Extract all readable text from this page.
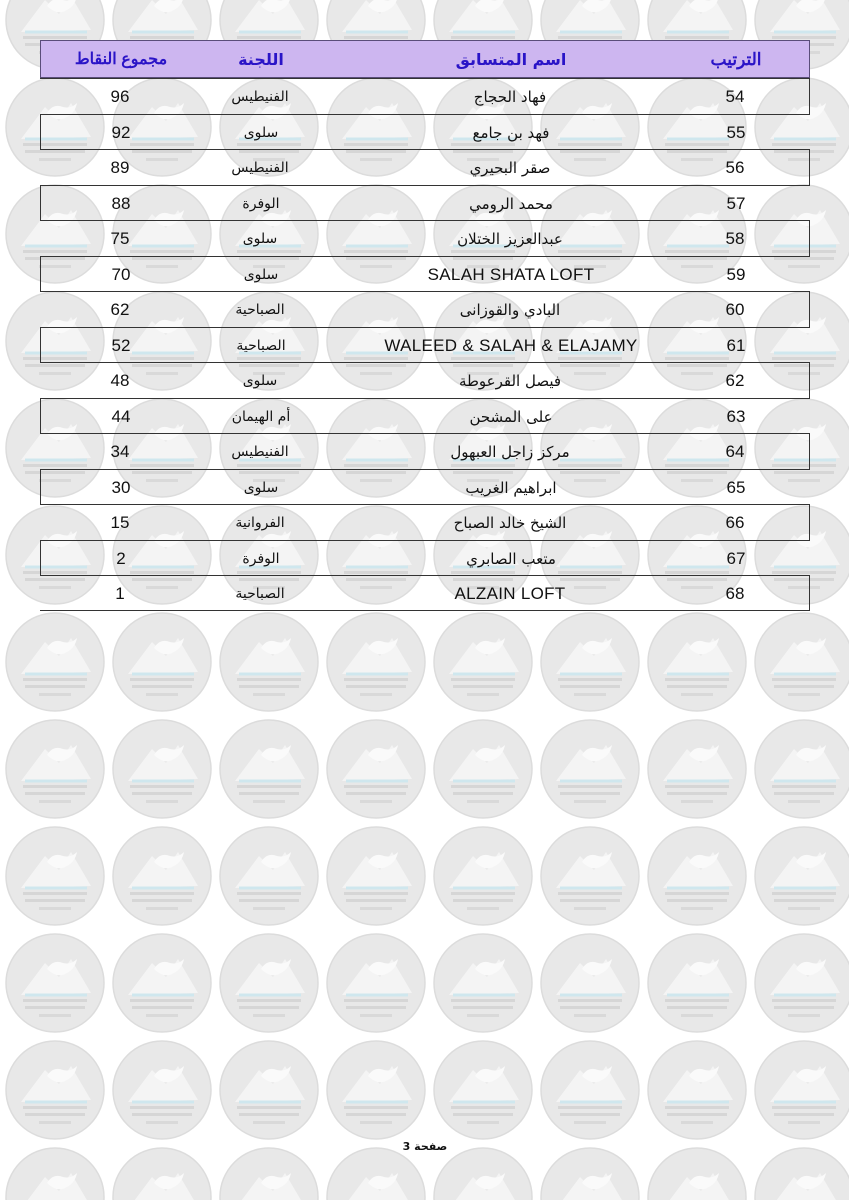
الترتيب
اسم المتسابق
اللجنة
مجموع النقاط
54
فهاد الحجاج
الفنيطيس
96
55
فهد بن جامع
سلوى
92
56
صقر البحيري
الفنيطيس
89
57
محمد الرومي
الوفرة
88
58
عبدالعزيز الختلان
سلوى
75
59
SALAH SHATA LOFT
سلوى
70
60
البادي والقوزانى
الصباحية
62
61
WALEED & SALAH & ELAJAMY
الصباحية
52
62
فيصل القرعوطة
سلوى
48
63
على المشحن
أم الهيمان
44
64
مركز زاجل العبهول
الفنيطيس
34
65
ابراهيم الغريب
سلوى
30
66
الشيخ خالد الصباح
الفروانية
15
67
متعب الصابري
الوفرة
2
68
ALZAIN LOFT
الصباحية
1
صفحة 3
